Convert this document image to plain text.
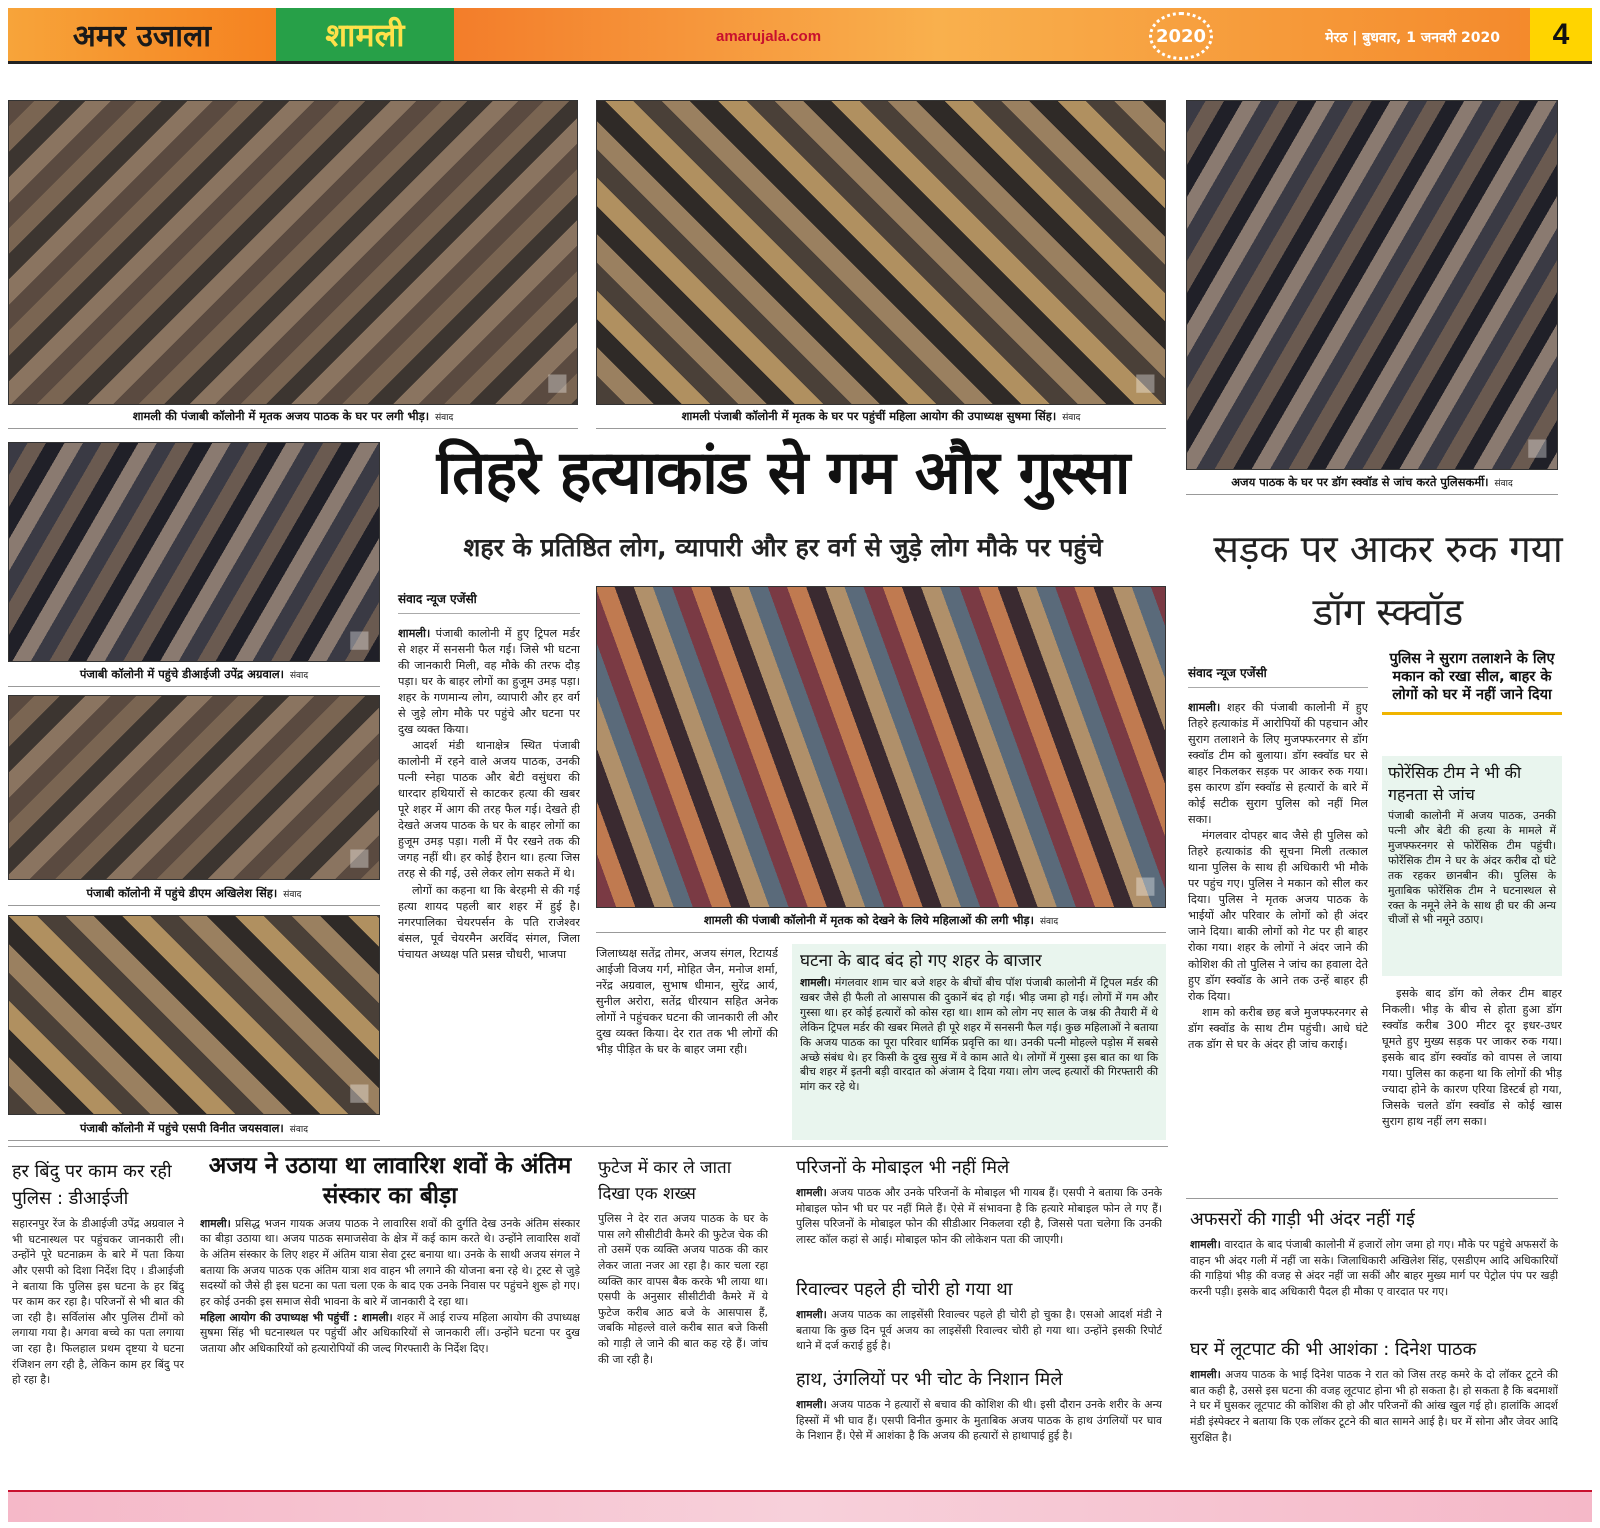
अमर उजाला	शामली	amarujala.com	2020	मेरठ | बुधवार, 1 जनवरी 2020	4
◼
शामली की पंजाबी कॉलोनी में मृतक अजय पाठक के घर पर लगी भीड़। संवाद
◼
शामली पंजाबी कॉलोनी में मृतक के घर पर पहुंचीं महिला आयोग की उपाध्यक्ष सुषमा सिंह। संवाद
◼
अजय पाठक के घर पर डॉग स्क्वॉड से जांच करते पुलिसकर्मी। संवाद
◼
पंजाबी कॉलोनी में पहुंचे डीआईजी उपेंद्र अग्रवाल। संवाद
◼
पंजाबी कॉलोनी में पहुंचे डीएम अखिलेश सिंह। संवाद
◼
पंजाबी कॉलोनी में पहुंचे एसपी विनीत जयसवाल। संवाद
तिहरे हत्याकांड से गम और गुस्सा
शहर के प्रतिष्ठित लोग, व्यापारी और हर वर्ग से जुड़े लोग मौके पर पहुंचे
संवाद न्यूज एजेंसी

शामली। पंजाबी कालोनी में हुए ट्रिपल मर्डर से शहर में सनसनी फैल गई। जिसे भी घटना की जानकारी मिली, वह मौके की तरफ दौड़ पड़ा। घर के बाहर लोगों का हुजूम उमड़ पड़ा। शहर के गणमान्य लोग, व्यापारी और हर वर्ग से जुड़े लोग मौके पर पहुंचे और घटना पर दुख व्यक्त किया।

आदर्श मंडी थानाक्षेत्र स्थित पंजाबी कालोनी में रहने वाले अजय पाठक, उनकी पत्नी स्नेहा पाठक और बेटी वसुंधरा की धारदार हथियारों से काटकर हत्या की खबर पूरे शहर में आग की तरह फैल गई। देखते ही देखते अजय पाठक के घर के बाहर लोगों का हुजूम उमड़ पड़ा। गली में पैर रखने तक की जगह नहीं थी। हर कोई हैरान था। हत्या जिस तरह से की गई, उसे लेकर लोग सकते में थे।

लोगों का कहना था कि बेरहमी से की गई हत्या शायद पहली बार शहर में हुई है। नगरपालिका चेयरपर्सन के पति राजेश्वर बंसल, पूर्व चेयरमैन अरविंद संगल, जिला पंचायत अध्यक्ष पति प्रसन्न चौधरी, भाजपा

◼
शामली की पंजाबी कॉलोनी में मृतक को देखने के लिये महिलाओं की लगी भीड़। संवाद
जिलाध्यक्ष सतेंद्र तोमर, अजय संगल, रिटायर्ड आईजी विजय गर्ग, मोहित जैन, मनोज शर्मा, नरेंद्र अग्रवाल, सुभाष धीमान, सुरेंद्र आर्य, सुनील अरोरा, सतेंद्र धीरयान सहित अनेक लोगों ने पहुंचकर घटना की जानकारी ली और दुख व्यक्त किया। देर रात तक भी लोगों की भीड़ पीड़ित के घर के बाहर जमा रही।
घटना के बाद बंद हो गए शहर के बाजार

शामली। मंगलवार शाम चार बजे शहर के बीचों बीच पॉश पंजाबी कालोनी में ट्रिपल मर्डर की खबर जैसे ही फैली तो आसपास की दुकानें बंद हो गई। भीड़ जमा हो गई। लोगों में गम और गुस्सा था। हर कोई हत्यारों को कोस रहा था। शाम को लोग नए साल के जश्न की तैयारी में थे लेकिन ट्रिपल मर्डर की खबर मिलते ही पूरे शहर में सनसनी फैल गई। कुछ महिलाओं ने बताया कि अजय पाठक का पूरा परिवार धार्मिक प्रवृत्ति का था। उनकी पत्नी मोहल्ले पड़ोस में सबसे अच्छे संबंध थे। हर किसी के दुख सुख में वे काम आते थे। लोगों में गुस्सा इस बात का था कि बीच शहर में इतनी बड़ी वारदात को अंजाम दे दिया गया। लोग जल्द हत्यारों की गिरफ्तारी की मांग कर रहे थे।

सड़क पर आकर रुक गया डॉग स्क्वॉड
संवाद न्यूज एजेंसी

शामली। शहर की पंजाबी कालोनी में हुए तिहरे हत्याकांड में आरोपियों की पहचान और सुराग तलाशने के लिए मुजफ्फरनगर से डॉग स्क्वॉड टीम को बुलाया। डॉग स्क्वॉड घर से बाहर निकलकर सड़क पर आकर रुक गया। इस कारण डॉग स्क्वॉड से हत्यारों के बारे में कोई सटीक सुराग पुलिस को नहीं मिल सका।

मंगलवार दोपहर बाद जैसे ही पुलिस को तिहरे हत्याकांड की सूचना मिली तत्काल थाना पुलिस के साथ ही अधिकारी भी मौके पर पहुंच गए। पुलिस ने मकान को सील कर दिया। पुलिस ने मृतक अजय पाठक के भाईयों और परिवार के लोगों को ही अंदर जाने दिया। बाकी लोगों को गेट पर ही बाहर रोका गया। शहर के लोगों ने अंदर जाने की कोशिश की तो पुलिस ने जांच का हवाला देते हुए डॉग स्क्वॉड के आने तक उन्हें बाहर ही रोक दिया।

शाम को करीब छह बजे मुजफ्फरनगर से डॉग स्क्वॉड के साथ टीम पहुंची। आधे घंटे तक डॉग से घर के अंदर ही जांच कराई।

पुलिस ने सुराग तलाशने के लिए मकान को रखा सील, बाहर के लोगों को घर में नहीं जाने दिया
फोरेंसिक टीम ने भी की गहनता से जांच

पंजाबी कालोनी में अजय पाठक, उनकी पत्नी और बेटी की हत्या के मामले में मुजफ्फरनगर से फोरेंसिक टीम पहुंची। फोरेंसिक टीम ने घर के अंदर करीब दो घंटे तक रहकर छानबीन की। पुलिस के मुताबिक फोरेंसिक टीम ने घटनास्थल से रक्त के नमूने लेने के साथ ही घर की अन्य चीजों से भी नमूने उठाए।

इसके बाद डॉग को लेकर टीम बाहर निकली। भीड़ के बीच से होता हुआ डॉग स्क्वॉड करीब 300 मीटर दूर इधर-उधर घूमते हुए मुख्य सड़क पर जाकर रुक गया। इसके बाद डॉग स्क्वॉड को वापस ले जाया गया। पुलिस का कहना था कि लोगों की भीड़ ज्यादा होने के कारण एरिया डिस्टर्ब हो गया, जिसके चलते डॉग स्क्वॉड से कोई खास सुराग हाथ नहीं लग सका।

हर बिंदु पर काम कर रही पुलिस : डीआईजी

सहारनपुर रेंज के डीआईजी उपेंद्र अग्रवाल ने भी घटनास्थल पर पहुंचकर जानकारी ली। उन्होंने पूरे घटनाक्रम के बारे में पता किया और एसपी को दिशा निर्देश दिए । डीआईजी ने बताया कि पुलिस इस घटना के हर बिंदु पर काम कर रहा है। परिजनों से भी बात की जा रही है। सर्विलांस और पुलिस टीमों को लगाया गया है। अगवा बच्चे का पता लगाया जा रहा है। फिलहाल प्रथम दृष्टया ये घटना रंजिशन लग रही है, लेकिन काम हर बिंदु पर हो रहा है।

अजय ने उठाया था लावारिश शवों के अंतिम संस्कार का बीड़ा

शामली। प्रसिद्ध भजन गायक अजय पाठक ने लावारिस शवों की दुर्गति देख उनके अंतिम संस्कार का बीड़ा उठाया था। अजय पाठक समाजसेवा के क्षेत्र में कई काम करते थे। उन्होंने लावारिस शवों के अंतिम संस्कार के लिए शहर में अंतिम यात्रा सेवा ट्रस्ट बनाया था। उनके के साथी अजय संगल ने बताया कि अजय पाठक एक अंतिम यात्रा शव वाहन भी लगाने की योजना बना रहे थे। ट्रस्ट से जुड़े सदस्यों को जैसे ही इस घटना का पता चला एक के बाद एक उनके निवास पर पहुंचने शुरू हो गए। हर कोई उनकी इस समाज सेवी भावना के बारे में जानकारी दे रहा था।
महिला आयोग की उपाध्यक्ष भी पहुंचीं : शामली। शहर में आई राज्य महिला आयोग की उपाध्यक्ष सुषमा सिंह भी घटनास्थल पर पहुंचीं और अधिकारियों से जानकारी लीं। उन्होंने घटना पर दुख जताया और अधिकारियों को हत्यारोपियों की जल्द गिरफ्तारी के निर्देश दिए।

फुटेज में कार ले जाता दिखा एक शख्स

पुलिस ने देर रात अजय पाठक के घर के पास लगे सीसीटीवी कैमरे की फुटेज चेक की तो उसमें एक व्यक्ति अजय पाठक की कार लेकर जाता नजर आ रहा है। कार चला रहा व्यक्ति कार वापस बैक करके भी लाया था। एसपी के अनुसार सीसीटीवी कैमरे में ये फुटेज करीब आठ बजे के आसपास हैं, जबकि मोहल्ले वाले करीब सात बजे किसी को गाड़ी ले जाने की बात कह रहे हैं। जांच की जा रही है।

परिजनों के मोबाइल भी नहीं मिले

शामली। अजय पाठक और उनके परिजनों के मोबाइल भी गायब हैं। एसपी ने बताया कि उनके मोबाइल फोन भी घर पर नहीं मिले हैं। ऐसे में संभावना है कि हत्यारे मोबाइल फोन ले गए हैं। पुलिस परिजनों के मोबाइल फोन की सीडीआर निकलवा रही है, जिससे पता चलेगा कि उनकी लास्ट कॉल कहां से आई। मोबाइल फोन की लोकेशन पता की जाएगी।

रिवाल्वर पहले ही चोरी हो गया था

शामली। अजय पाठक का लाइसेंसी रिवाल्वर पहले ही चोरी हो चुका है। एसओ आदर्श मंडी ने बताया कि कुछ दिन पूर्व अजय का लाइसेंसी रिवाल्वर चोरी हो गया था। उन्होंने इसकी रिपोर्ट थाने में दर्ज कराई हुई है।

हाथ, उंगलियों पर भी चोट के निशान मिले

शामली। अजय पाठक ने हत्यारों से बचाव की कोशिश की थी। इसी दौरान उनके शरीर के अन्य हिस्सों में भी घाव हैं। एसपी विनीत कुमार के मुताबिक अजय पाठक के हाथ उंगलियों पर घाव के निशान हैं। ऐसे में आशंका है कि अजय की हत्यारों से हाथापाई हुई है।

अफसरों की गाड़ी भी अंदर नहीं गई

शामली। वारदात के बाद पंजाबी कालोनी में हजारों लोग जमा हो गए। मौके पर पहुंचे अफसरों के वाहन भी अंदर गली में नहीं जा सके। जिलाधिकारी अखिलेश सिंह, एसडीएम आदि अधिकारियों की गाड़ियां भीड़ की वजह से अंदर नहीं जा सकीं और बाहर मुख्य मार्ग पर पेट्रोल पंप पर खड़ी करनी पड़ी। इसके बाद अधिकारी पैदल ही मौका ए वारदात पर गए।

घर में लूटपाट की भी आशंका : दिनेश पाठक

शामली। अजय पाठक के भाई दिनेश पाठक ने रात को जिस तरह कमरे के दो लॉकर टूटने की बात कही है, उससे इस घटना की वजह लूटपाट होना भी हो सकता है। हो सकता है कि बदमाशों ने घर में घुसकर लूटपाट की कोशिश की हो और परिजनों की आंख खुल गई हो। हालांकि आदर्श मंडी इंस्पेक्टर ने बताया कि एक लॉकर टूटने की बात सामने आई है। घर में सोना और जेवर आदि सुरक्षित है।
